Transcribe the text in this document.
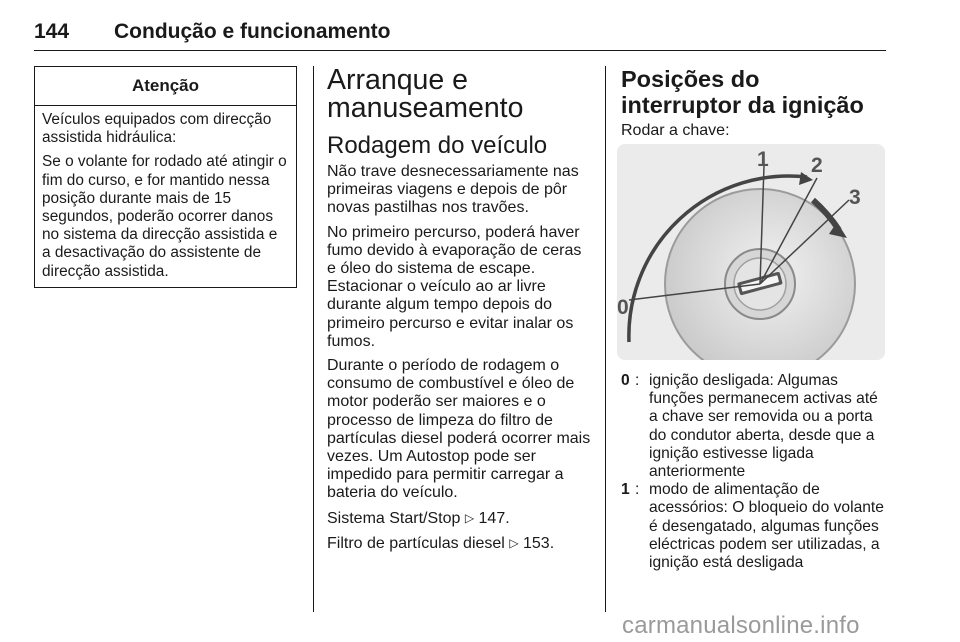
144 Condução e funcionamento
Atenção

Veículos equipados com direcção assistida hidráulica:

Se o volante for rodado até atingir o fim do curso, e for mantido nessa posição durante mais de 15 segundos, poderão ocorrer danos no sistema da direcção assistida e a desactivação do assistente de direcção assistida.

Arranque e manuseamento
Rodagem do veículo

Não trave desnecessariamente nas primeiras viagens e depois de pôr novas pastilhas nos travões.

No primeiro percurso, poderá haver fumo devido à evaporação de ceras e óleo do sistema de escape. Estacionar o veículo ao ar livre durante algum tempo depois do primeiro percurso e evitar inalar os fumos.

Durante o período de rodagem o consumo de combustível e óleo de motor poderão ser maiores e o processo de limpeza do filtro de partículas diesel poderá ocorrer mais vezes. Um Autostop pode ser impedido para permitir carregar a bateria do veículo.

Sistema Start/Stop ▷ 147.

Filtro de partículas diesel ▷ 153.

Posições do interruptor da ignição

Rodar a chave:

0
1 2
3
0 : ignição desligada: Algumas funções permanecem activas até a chave ser removida ou a porta do condutor aberta, desde que a ignição estivesse ligada anteriormente
1 : modo de alimentação de acessórios: O bloqueio do volante é desengatado, algumas funções eléctricas podem ser utilizadas, a ignição está desligada
carmanualsonline.info
